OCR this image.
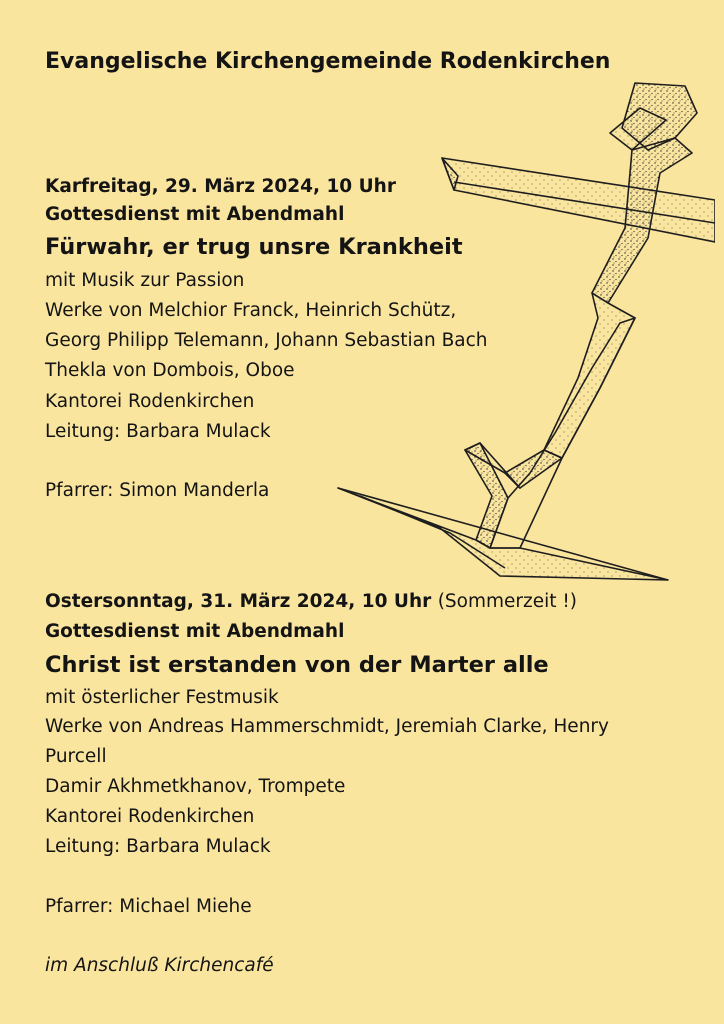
Evangelische Kirchengemeinde Rodenkirchen
Karfreitag, 29. März 2024, 10 Uhr
Gottesdienst mit Abendmahl
Fürwahr, er trug unsre Krankheit
mit Musik zur Passion
Werke von Melchior Franck, Heinrich Schütz,
Georg Philipp Telemann, Johann Sebastian Bach
Thekla von Dombois, Oboe
Kantorei Rodenkirchen
Leitung: Barbara Mulack
Pfarrer: Simon Manderla
Ostersonntag, 31. März 2024, 10 Uhr (Sommerzeit !)
Gottesdienst mit Abendmahl
Christ ist erstanden von der Marter alle
mit österlicher Festmusik
Werke von Andreas Hammerschmidt, Jeremiah Clarke, Henry
Purcell
Damir Akhmetkhanov, Trompete
Kantorei Rodenkirchen
Leitung: Barbara Mulack
Pfarrer: Michael Miehe
im Anschluß Kirchencafé
